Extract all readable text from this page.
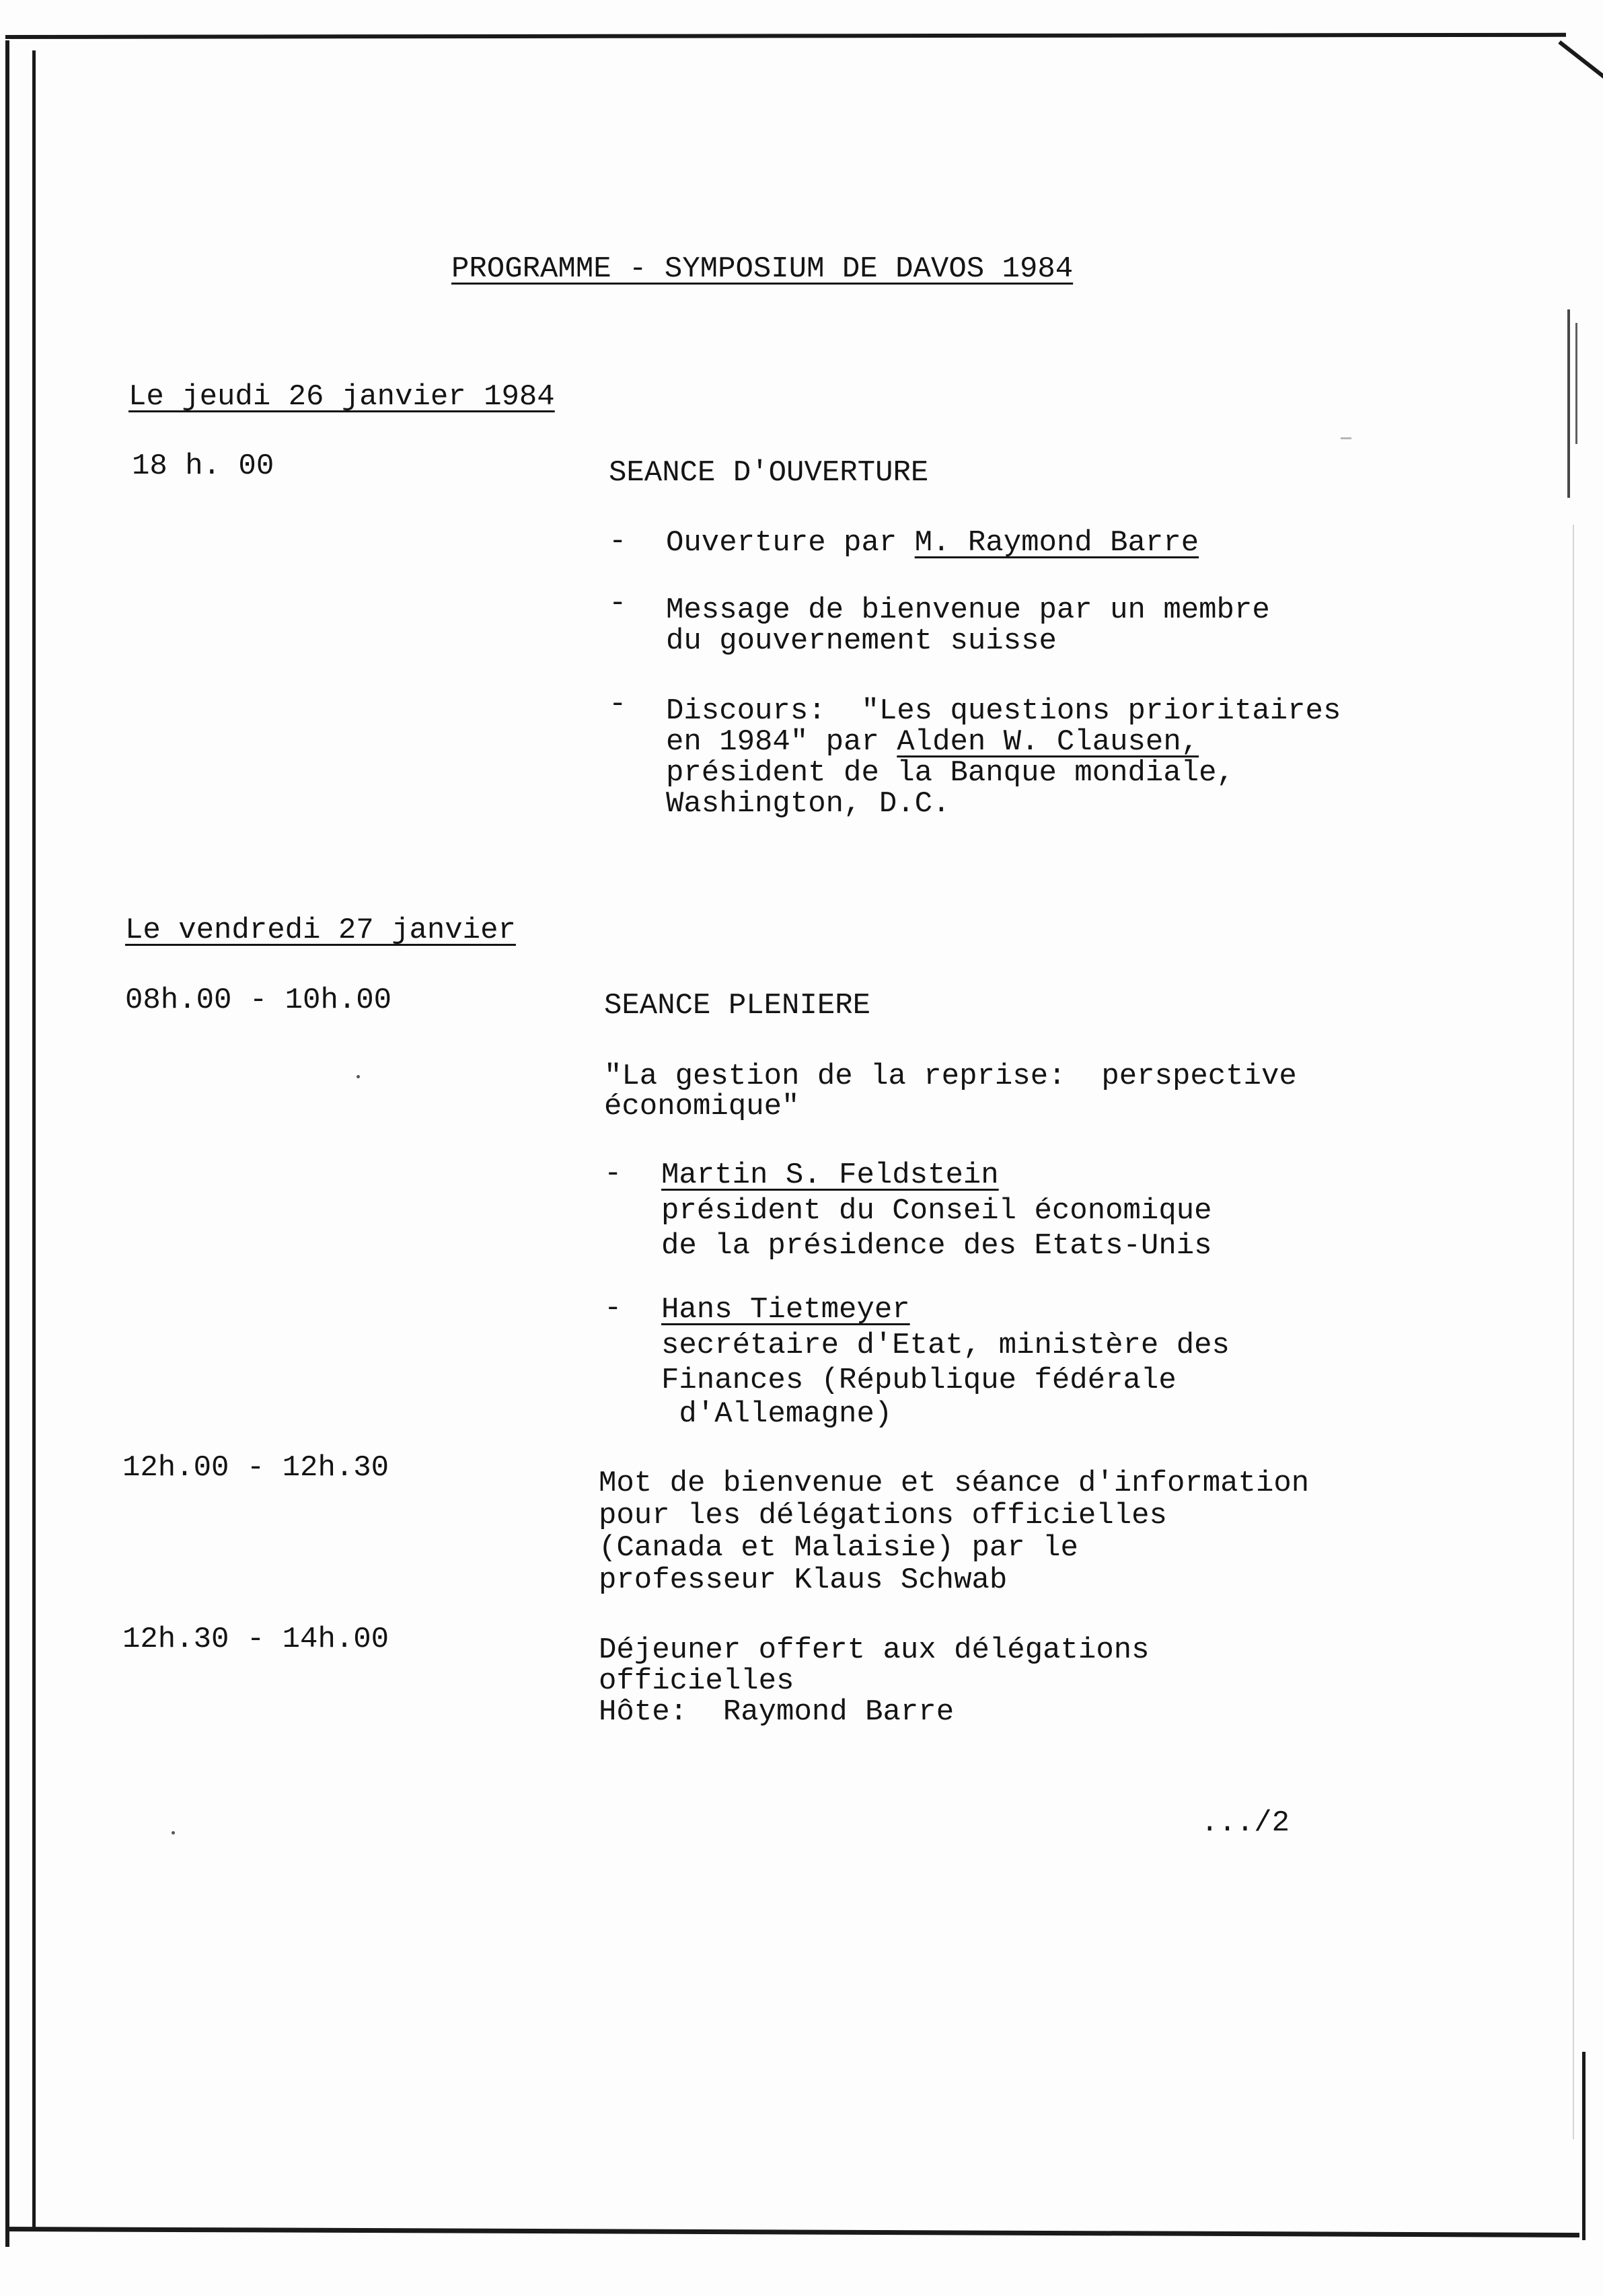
PROGRAMME - SYMPOSIUM DE DAVOS 1984
Le jeudi 26 janvier 1984
18 h. 00	SEANCE D'OUVERTURE
- Ouverture par M. Raymond Barre
- Message de bienvenue par un membre
du gouvernement suisse
- Discours:  "Les questions prioritaires
en 1984" par Alden W. Clausen,
président de la Banque mondiale,
Washington, D.C.
Le vendredi 27 janvier
08h.00 - 10h.00	SEANCE PLENIERE
"La gestion de la reprise:  perspective
économique"
- Martin S. Feldstein
président du Conseil économique
de la présidence des Etats-Unis
- Hans Tietmeyer
secrétaire d'Etat, ministère des
Finances (République fédérale
d'Allemagne)
12h.00 - 12h.30	Mot de bienvenue et séance d'information
pour les délégations officielles
(Canada et Malaisie) par le
professeur Klaus Schwab
12h.30 - 14h.00	Déjeuner offert aux délégations
officielles
Hôte:  Raymond Barre
.../2
